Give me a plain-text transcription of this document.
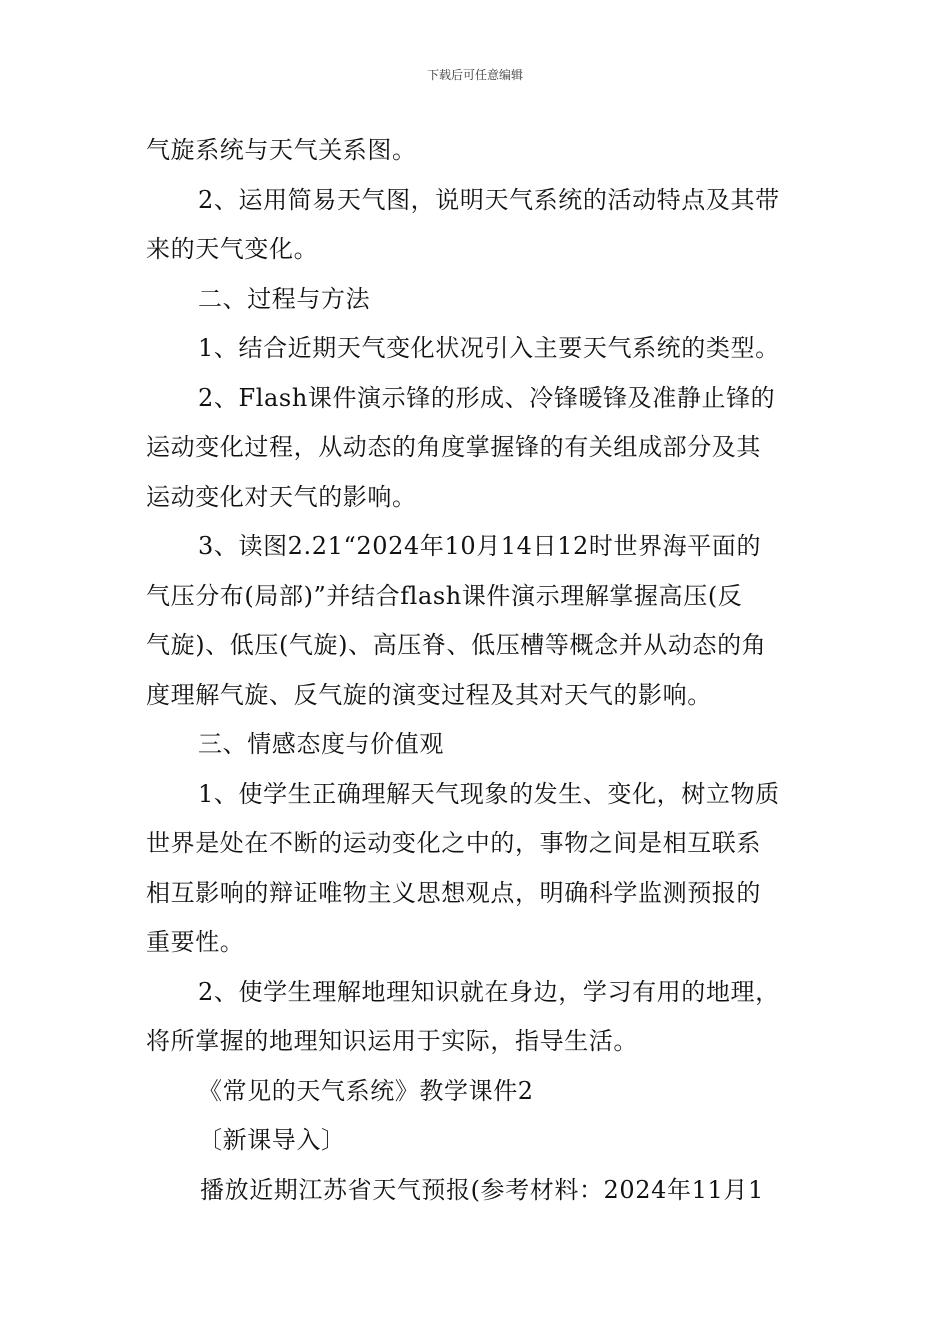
下载后可任意编辑

气旋系统与天气关系图。

2、运用简易天气图，说明天气系统的活动特点及其带

来的天气变化。

二、过程与方法

1、结合近期天气变化状况引入主要天气系统的类型。

2、Flash课件演示锋的形成、冷锋暖锋及准静止锋的

运动变化过程，从动态的角度掌握锋的有关组成部分及其

运动变化对天气的影响。

3、读图2.21“2024年10月14日12时世界海平面的

气压分布(局部)”并结合flash课件演示理解掌握高压(反

气旋)、低压(气旋)、高压脊、低压槽等概念并从动态的角

度理解气旋、反气旋的演变过程及其对天气的影响。

三、情感态度与价值观

1、使学生正确理解天气现象的发生、变化，树立物质

世界是处在不断的运动变化之中的，事物之间是相互联系

相互影响的辩证唯物主义思想观点，明确科学监测预报的

重要性。

2、使学生理解地理知识就在身边，学习有用的地理，

将所掌握的地理知识运用于实际，指导生活。

《常见的天气系统》教学课件2

〔新课导入〕

播放近期江苏省天气预报(参考材料：2024年11月1
